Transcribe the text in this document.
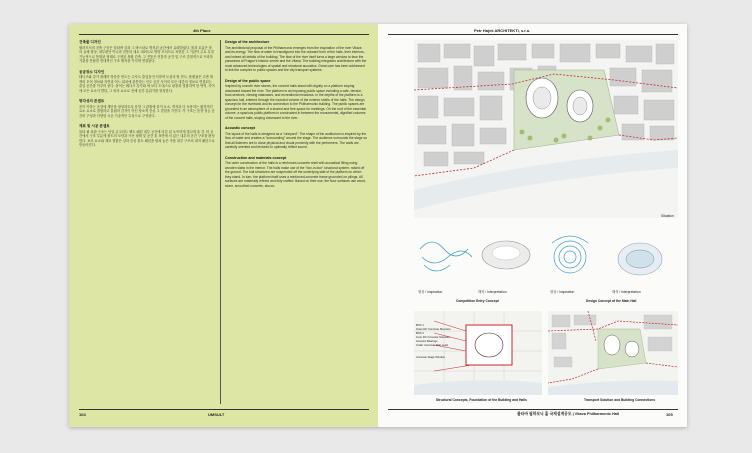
4th Place
건축물 디자인

필하모닉의 건축 구상은 블타바 강과 그 바스타로 명칭된 공간에서 유래하였다. 볼과 호흡은 볼의 유체 형상, 내부편안 아니라 전통의 대로 대외도로 방향 모티프로 표현된 그 기관이 주요 특징 기능적으로 통합된 형태로 구현된 복합 건축. 그 전통은 전통과 공간 및 구조 중첩적으로 프라하 기관을 통합한 현대적인 구조 해석을 가지며 연결된다.

공공장소 디자인

테디즈와 강가 플레비 방문층 빈도는 주사도 출입을 인식하여 도심의 팀 빈도, 플랫폼은 주변 재색의 모어 정보와 자연과 어느 위치에 관통하는 인도 공간 사이의 모든 대중의 정보로 연결되는 출입 공간을 이루어 준다. 용어는 테디즈 강가와 에 보다 도대스로 광장과 결합하여 한 영역, 사이에 모든 요소가 발달, 그 외의 요소로 전체 공간 분위기를 형성한다.

향각성의 콘셉트

음이 아하는 음향에 계단을 형성하도록 음향 그 관찰에 울이 요소, 객석과 다 포용하는 환경적인 요소 요소로 결합하고 울림의 감각이 아닌 장소적 중심 그 경험을 가진다. 이 구조는 음향 성능 공간의 구성과 다양한 시공 기술적인 특성으로 구성된다.

재료 및 시공 콘셉트

블타 필 외관 구조는 단일 콘크리트 벨트 패턴 내부 공간에 마감 된 오목하게 빛나며 울 간, 미 공간에서 구조 부분에 볼트의 모양과 곡선 형태 및 공간 울 표면에 서 있는 내부의 공간 구조를 완성한다. 보조 요소와 재료 결합은 강과 중심 볼트 패턴을 합쳐 놓은 작품 내부 구조의 대지 패턴으로 만들어진다.

Design of the architecture

The architectural proposal of the Philharmonic emerges from the inspiration of the river Vltava and its energy. The flow of water is transfigured into the outward form of the halls, their interiors, and indeed all details of the building. The flow of the river itself turns a large window to face the panorama of Prague's historic centre and the Vltava. The building integrates architecture with the most advanced technologies of spatial and structural acoustics. Great care has been addressed to link the complex to public spaces and the city transport systems.

Design of the public space

Inspired by smooth river stones, the concert halls stand with dignity on a platform sloping downward toward the river. The platform is an imposing public space including a cafe, terrace, food services, viewing staircases, and recreational meadows. In the depths of the platform is a spacious hall, entered through the rounded volume of the exterior shells of the halls. The design concept for the riverbank and its connection to the Philharmonic building. The public spaces are grounded in an atmosphere of a shared and free space for meetings. On the roof of the essential volume, a spacious public platform is constructed in between the monumental, dignified volumes of the concert halls, sloping downward to the river.

Acoustic concept

The layout of the halls is designed as a "vineyard". The shape of the auditorium is inspired by the flow of water and creates a "surrounding" around the stage. The audience surrounds the stage so that all listeners are in close physical and visual proximity with the performers. The walls are carefully oriented and textured to optimally reflect sound.

Construction and materials concept

The outer construction of the halls is a reinforced-concrete shell with acoustical filling using wooden slabs in the interior. The halls make use of the "box-in-box" structural system, raised off the ground. The hall structures are suspended off the underlying slab of the platform on which they stand. In turn, the platform itself uses a reinforced-concrete frame grounded on pilings. All surfaces are materially refined and fully crafted. Based on their use, the floor surfaces use wood, stone, smoothed concrete, stucco.

104	UMSULT
Petr Hajek ARCHITEKTI, s.r.o.
Situation
형상 / Inspiration	해석 / Interpretation
Competition Entry Concept
형상 / Inspiration	해석 / Interpretation
Design Concept of the Main Hall
BOX 1
Outer RC Concrete Structure
BOX 2
Inner RC Concrete Structure
Acoustic Bearings
Under Concrete Slab Load
Concrete Stage Window
Structural Concepts, Foundation of the Building and Halls	Transport Solution and Building Connections
블타바 필하모닉 홀 국제설계공모 | Vltava Philharmonic Hall	105
